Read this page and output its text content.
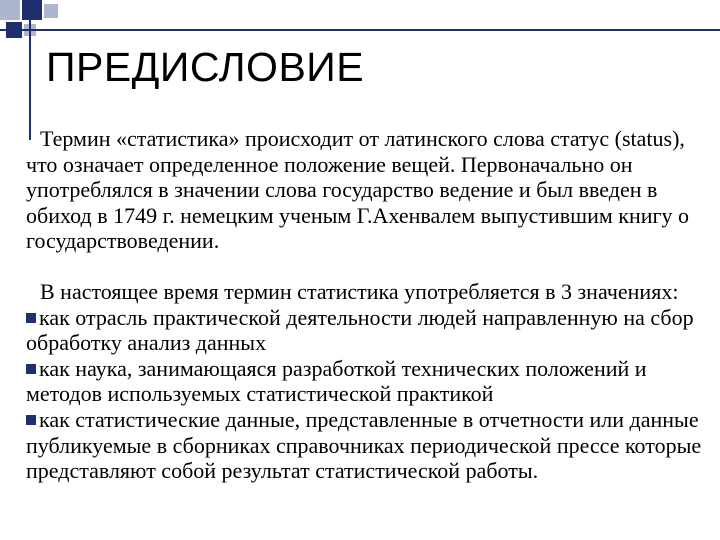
ПРЕДИСЛОВИЕ

Термин «статистика» происходит от латинского слова статус (status), что означает определенное положение вещей. Первоначально он употреблялся в значении слова государство ведение и был введен в обиход в 1749 г. немецким ученым Г.Ахенвалем выпустившим книгу о государствоведении.

В настоящее время термин статистика употребляется в 3 значениях:

как отрасль практической деятельности людей направленную на сбор обработку анализ данных

как наука, занимающаяся разработкой технических положений и методов используемых статистической практикой

как статистические данные, представленные в отчетности или данные публикуемые в сборниках справочниках периодической прессе которые представляют собой результат статистической работы.
